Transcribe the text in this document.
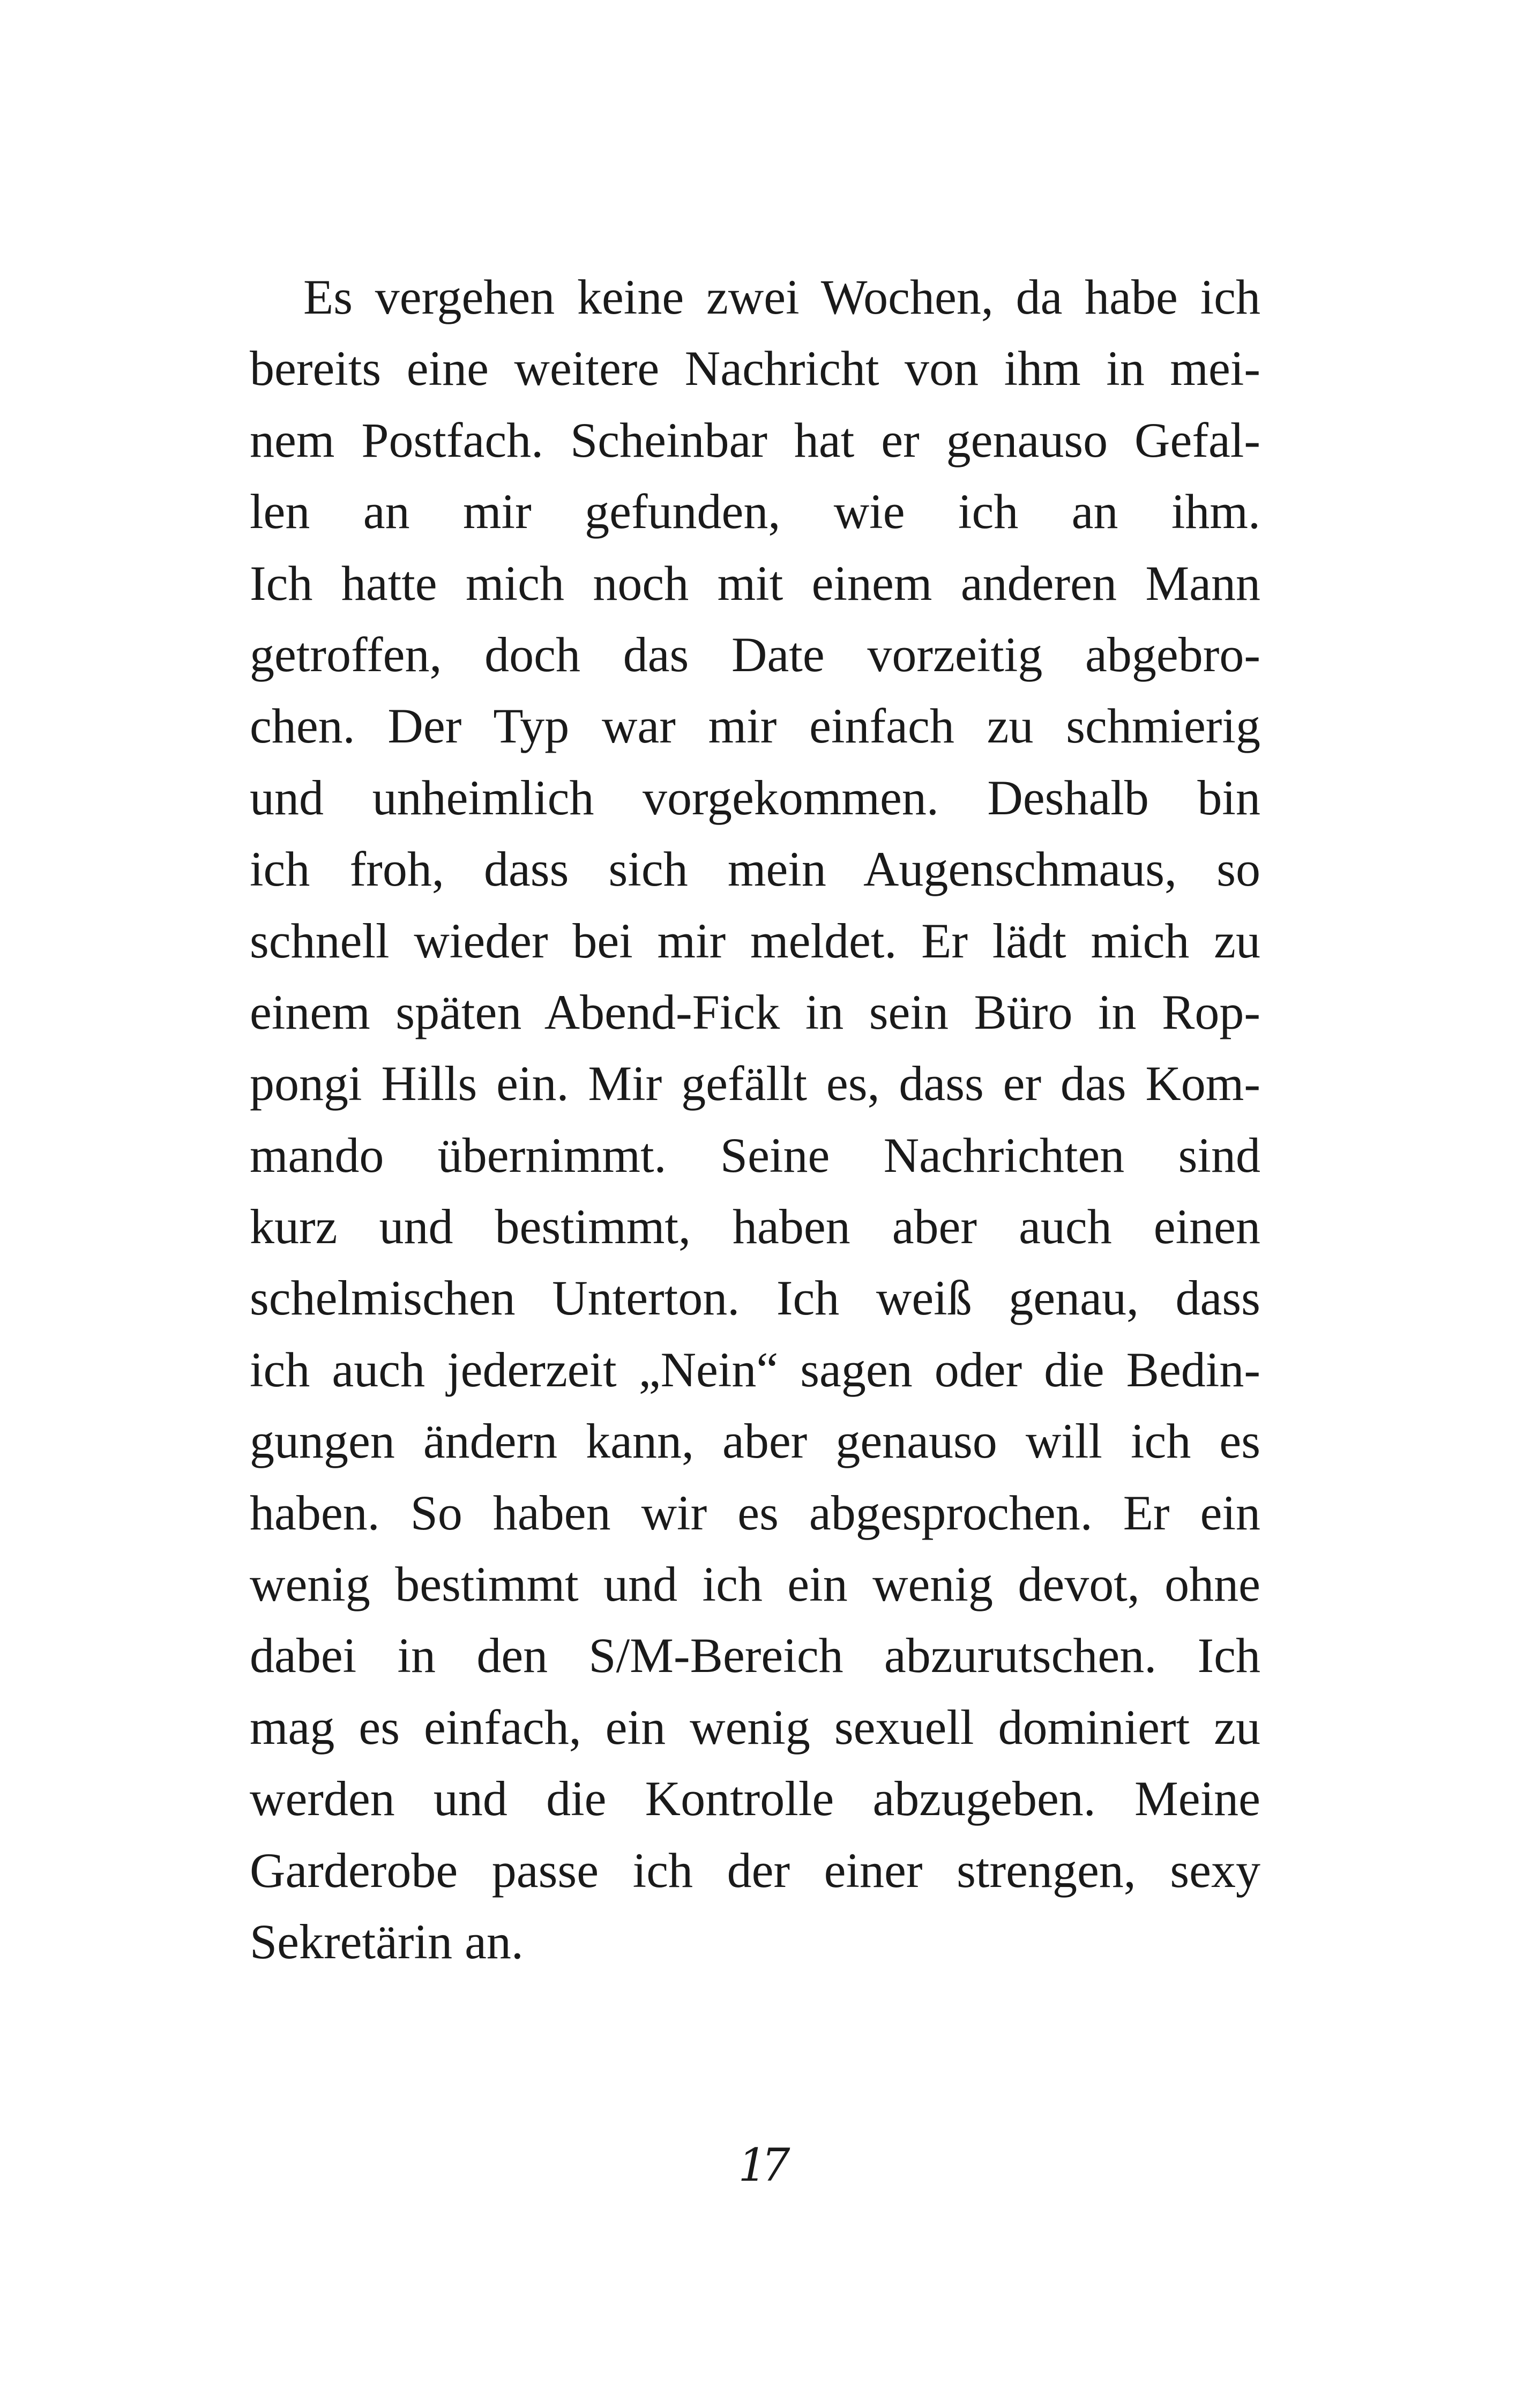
Es vergehen keine zwei Wochen, da habe ich
bereits eine weitere Nachricht von ihm in mei-
nem Postfach. Scheinbar hat er genauso Gefal-
len an mir gefunden, wie ich an ihm.
Ich hatte mich noch mit einem anderen Mann
getroffen, doch das Date vorzeitig abgebro-
chen. Der Typ war mir einfach zu schmierig
und unheimlich vorgekommen. Deshalb bin
ich froh, dass sich mein Augenschmaus, so
schnell wieder bei mir meldet. Er lädt mich zu
einem späten Abend-Fick in sein Büro in Rop-
pongi Hills ein. Mir gefällt es, dass er das Kom-
mando übernimmt. Seine Nachrichten sind
kurz und bestimmt, haben aber auch einen
schelmischen Unterton. Ich weiß genau, dass
ich auch jederzeit „Nein“ sagen oder die Bedin-
gungen ändern kann, aber genauso will ich es
haben. So haben wir es abgesprochen. Er ein
wenig bestimmt und ich ein wenig devot, ohne
dabei in den S/M-Bereich abzurutschen. Ich
mag es einfach, ein wenig sexuell dominiert zu
werden und die Kontrolle abzugeben. Meine
Garderobe passe ich der einer strengen, sexy
Sekretärin an.
17
